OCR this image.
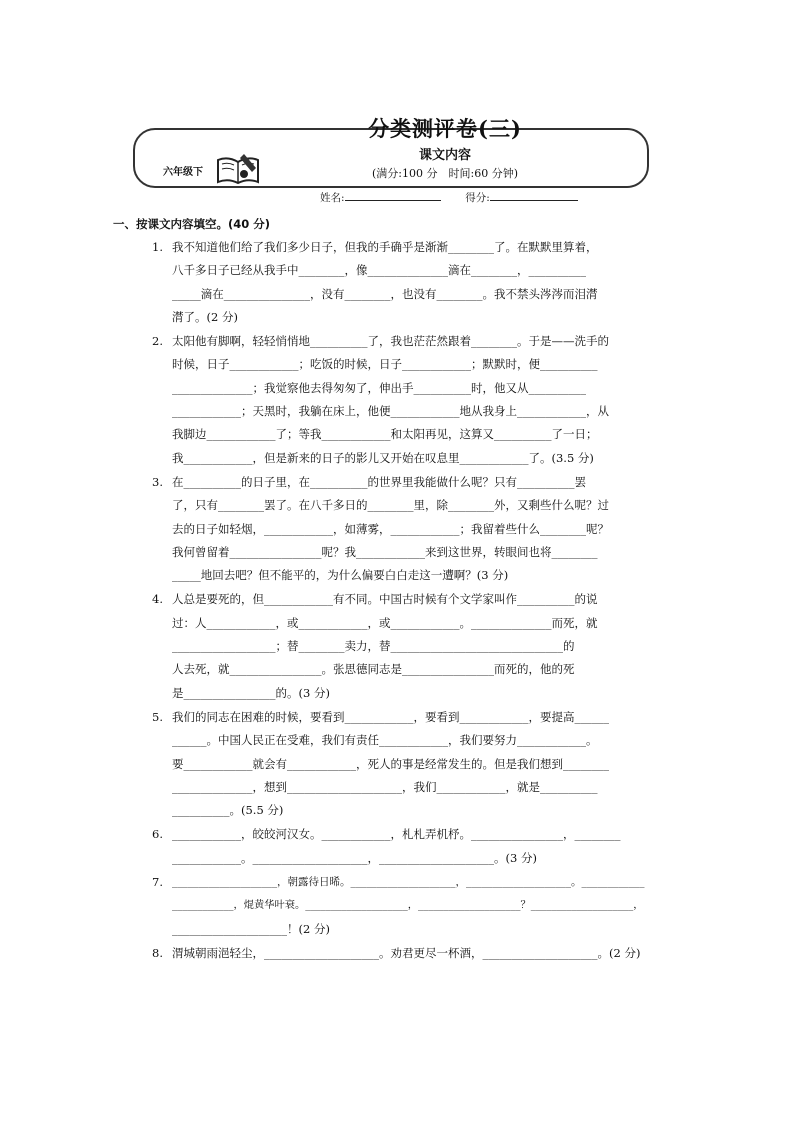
六年级下
分类测评卷(三)
课文内容
(满分:100 分　时间:60 分钟)
姓名:	得分:
一、按课文内容填空。(40 分)
1. 我不知道他们给了我们多少日子，但我的手确乎是渐渐________了。在默默里算着，
八千多日子已经从我手中________，像______________滴在________，__________
_____滴在_______________，没有________，也没有________。我不禁头涔涔而泪潸
潸了。(2 分)
2. 太阳他有脚啊，轻轻悄悄地__________了，我也茫茫然跟着________。于是——洗手的
时候，日子____________；吃饭的时候，日子____________；默默时，便__________
______________；我觉察他去得匆匆了，伸出手__________时，他又从__________
____________；天黑时，我躺在床上，他便____________地从我身上____________，从
我脚边____________了；等我____________和太阳再见，这算又__________了一日；
我____________，但是新来的日子的影儿又开始在叹息里____________了。(3.5 分)
3. 在__________的日子里，在__________的世界里我能做什么呢？只有__________罢
了，只有________罢了。在八千多日的________里，除________外，又剩些什么呢？过
去的日子如轻烟，____________，如薄雾，____________；我留着些什么________呢？
我何曾留着________________呢？我____________来到这世界，转眼间也将________
_____地回去吧？但不能平的，为什么偏要白白走这一遭啊？(3 分)
4. 人总是要死的，但____________有不同。中国古时候有个文学家叫作__________的说
过：人____________，或____________，或____________。______________而死，就
__________________；替________卖力，替______________________________的
人去死，就________________。张思德同志是________________而死的，他的死
是________________的。(3 分)
5. 我们的同志在困难的时候，要看到____________，要看到____________，要提高______
______。中国人民正在受难，我们有责任____________，我们要努力____________。
要____________就会有____________，死人的事是经常发生的。但是我们想到________
______________，想到____________________，我们____________，就是__________
__________。(5.5 分)
6. ____________，皎皎河汉女。____________，札札弄机杼。________________，________
____________。____________________，____________________。(3 分)
7. ____________________，朝露待日晞。____________________，____________________。____________
____________，焜黄华叶衰。____________________，____________________？____________________，
____________________！(2 分)
8. 渭城朝雨浥轻尘，____________________。劝君更尽一杯酒，____________________。(2 分)
